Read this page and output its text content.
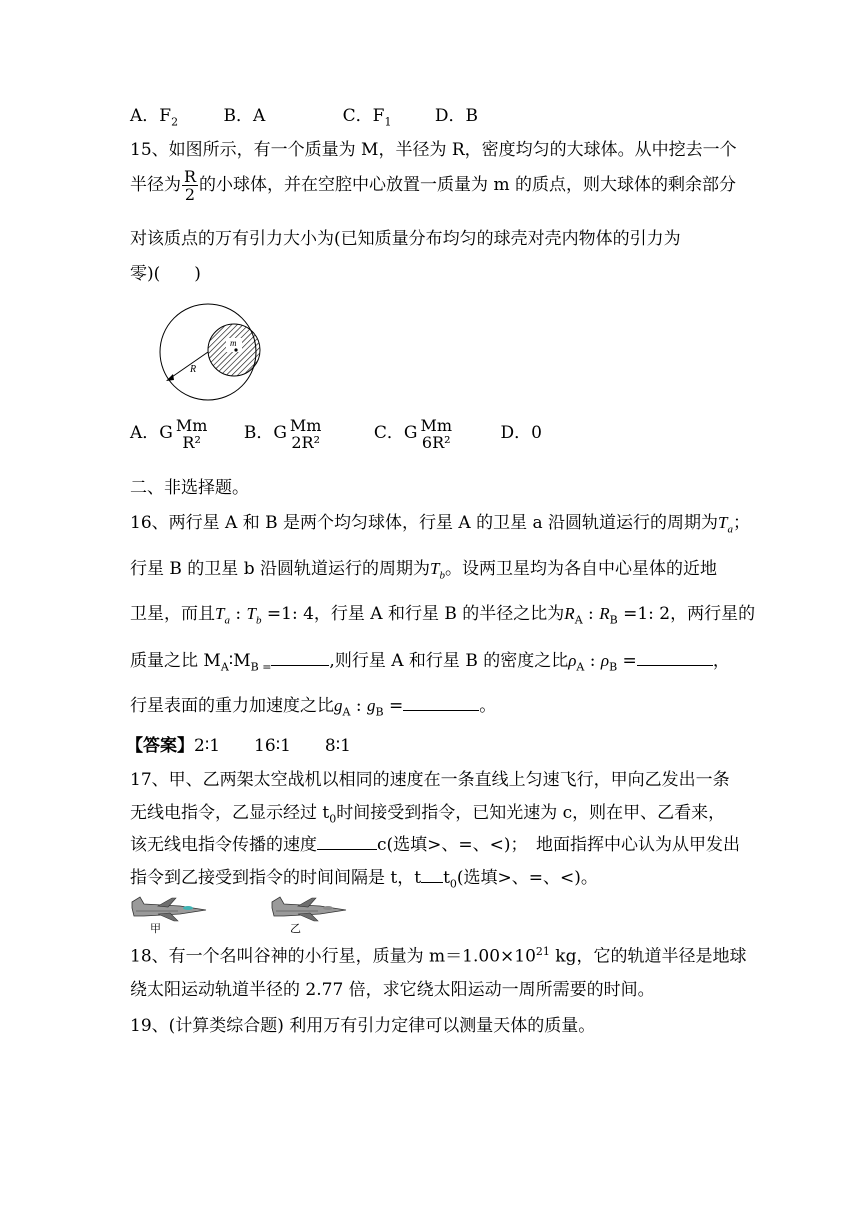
A．$F_2$	B．A	C．$F_1$	D．B
15、如图所示，有一个质量为 M，半径为 R，密度均匀的大球体。从中挖去一个
半径为 $\frac{R}{2}$ 的小球体，并在空腔中心放置一质量为 m 的质点，则大球体的剩余部分
对该质点的万有引力大小为(已知质量分布均匀的球壳对壳内物体的引力为
零)(　　)
m
R
A．G Mm
R²	B．G Mm
2R²	C．G Mm
6R²	D．0
二、非选择题。
16、两行星 A 和 B 是两个均匀球体，行星 A 的卫星 a 沿圆轨道运行的周期为$T_a$；
行星 B 的卫星 b 沿圆轨道运行的周期为$T_b$。设两卫星均为各自中心星体的近地
卫星，而且$T_a$ : $T_b =1$: 4，行星 A 和行星 B 的半径之比为$R_A$ : $R_B =1$: 2，两行星的
质量之比 $M_A∶M_B$ $_=$	,则行星 A 和行星 B 的密度之比$\rho_A$ : $\rho_B$ =	，
行星表面的重力加速度之比$g_A$ : $g_B$ =	。
【答案】2∶1　　16∶1　　8∶1
17、甲、乙两架太空战机以相同的速度在一条直线上匀速飞行，甲向乙发出一条
无线电指令，乙显示经过 $t_0$时间接受到指令，已知光速为 c，则在甲、乙看来，
该无线电指令传播的速度	c(选填>、=、<)；　地面指挥中心认为从甲发出
指令到乙接受到指令的时间间隔是 t，t $t_0$(选填>、=、<)。
甲	乙
18、有一个名叫谷神的小行星，质量为 $m=1.00\times 10^{21}$ kg，它的轨道半径是地球
绕太阳运动轨道半径的 2.77 倍，求它绕太阳运动一周所需要的时间。
19、(计算类综合题) 利用万有引力定律可以测量天体的质量。
